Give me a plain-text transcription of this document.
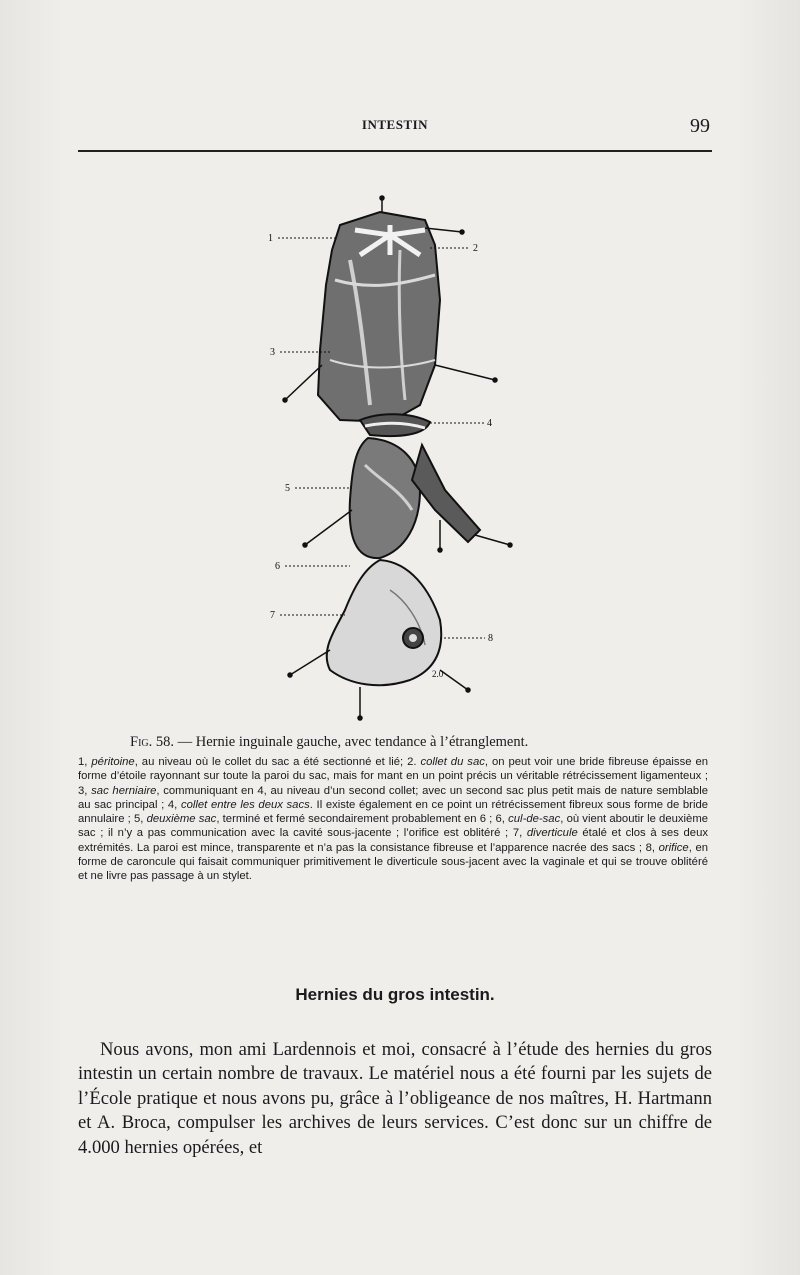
INTESTIN	99
1
2
3
4
5
6
7
8
2.0
Fig. 58. — Hernie inguinale gauche, avec tendance à l’étranglement.
1, péritoine, au niveau où le collet du sac a été sectionné et lié; 2. collet du sac, on peut voir une bride fibreuse épaisse en forme d’étoile rayonnant sur toute la paroi du sac, mais for mant en un point précis un véritable rétrécissement ligamenteux ; 3, sac herniaire, communiquant en 4, au niveau d’un second collet; avec un second sac plus petit mais de nature semblable au sac principal ; 4, collet entre les deux sacs. Il existe également en ce point un rétrécissement fibreux sous forme de bride annulaire ; 5, deuxième sac, terminé et fermé secondairement probablement en 6 ; 6, cul-de-sac, où vient aboutir le deuxième sac ; il n’y a pas communication avec la cavité sous-jacente ; l’orifice est oblitéré ; 7, diverticule étalé et clos à ses deux extrémités. La paroi est mince, transparente et n’a pas la consistance fibreuse et l’apparence nacrée des sacs ; 8, orifice, en forme de caroncule qui faisait communiquer primitivement le diverticule sous-jacent avec la vaginale et qui se trouve oblitéré et ne livre pas passage à un stylet.
Hernies du gros intestin.
Nous avons, mon ami Lardennois et moi, consacré à l’étude des hernies du gros intestin un certain nombre de travaux. Le matériel nous a été fourni par les sujets de l’École pratique et nous avons pu, grâce à l’obligeance de nos maîtres, H. Hartmann et A. Broca, compulser les archives de leurs services. C’est donc sur un chiffre de 4.000 hernies opérées, et
